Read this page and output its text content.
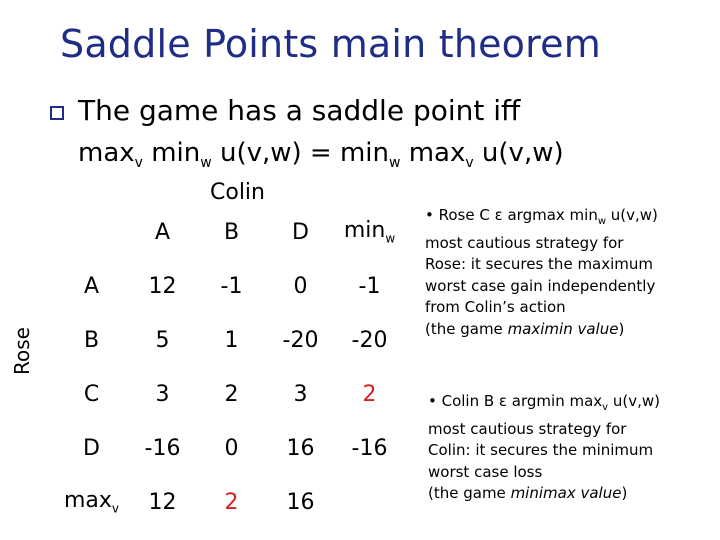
Saddle Points main theorem
The game has a saddle point iff
$\max_v \min_w u(v,w) = \min_w \max_v u(v,w)$
Colin
Rose
	A	B	D	$\min_w$
A	12	-1	0	-1
B	5	1	-20	-20
C	3	2	3	2
D	-16	0	16	-16
$\max_v$	12	2	16	
• Rose C ε argmax $\min_w u(v,w)$
most cautious strategy for
Rose: it secures the maximum
worst case gain independently
from Colin’s action
(the game maximin value)
• Colin B ε argmin $\max_v u(v,w)$
most cautious strategy for
Colin: it secures the minimum
worst case loss
(the game minimax value)
